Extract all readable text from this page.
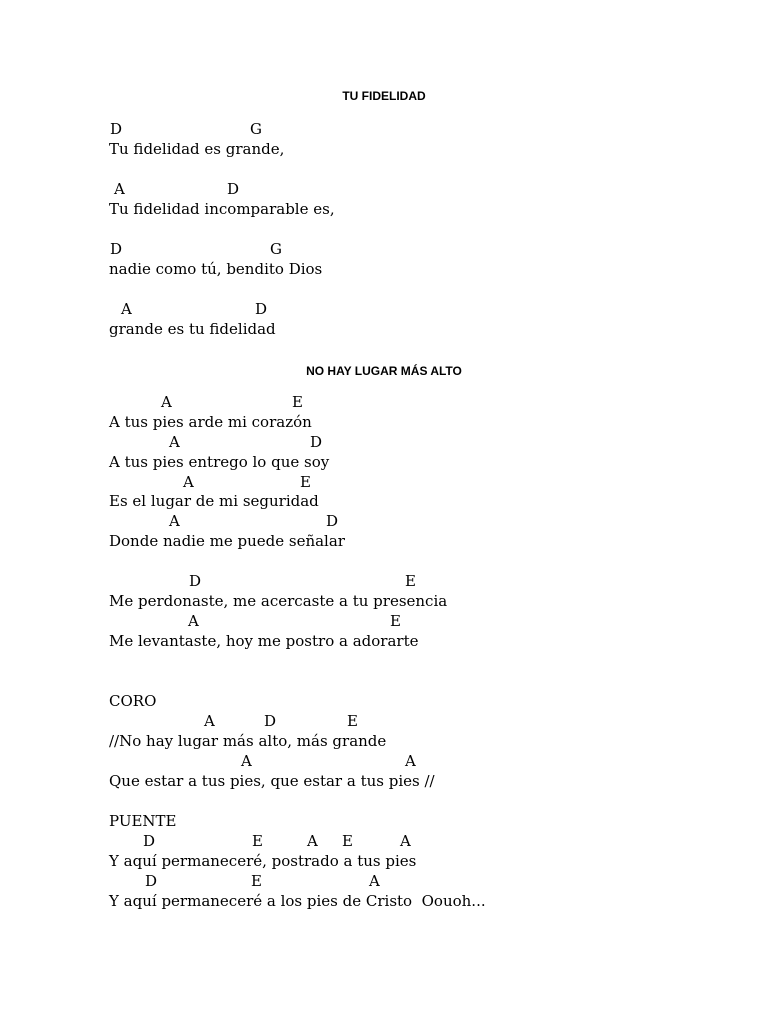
TU FIDELIDAD
D	G
Tu fidelidad es grande,
A	D
Tu fidelidad incomparable es,
D	G
nadie como tú, bendito Dios
A	D
grande es tu fidelidad
NO HAY LUGAR MÁS ALTO
A	E
A tus pies arde mi corazón
A	D
A tus pies entrego lo que soy
A	E
Es el lugar de mi seguridad
A	D
Donde nadie me puede señalar
D	E
Me perdonaste, me acercaste a tu presencia
A	E
Me levantaste, hoy me postro a adorarte
CORO
A	D	E
//No hay lugar más alto, más grande
A	A
Que estar a tus pies, que estar a tus pies //
PUENTE
D	E	A E	A
Y aquí permaneceré, postrado a tus pies
D	E	A
Y aquí permaneceré a los pies de Cristo  Oouoh...
